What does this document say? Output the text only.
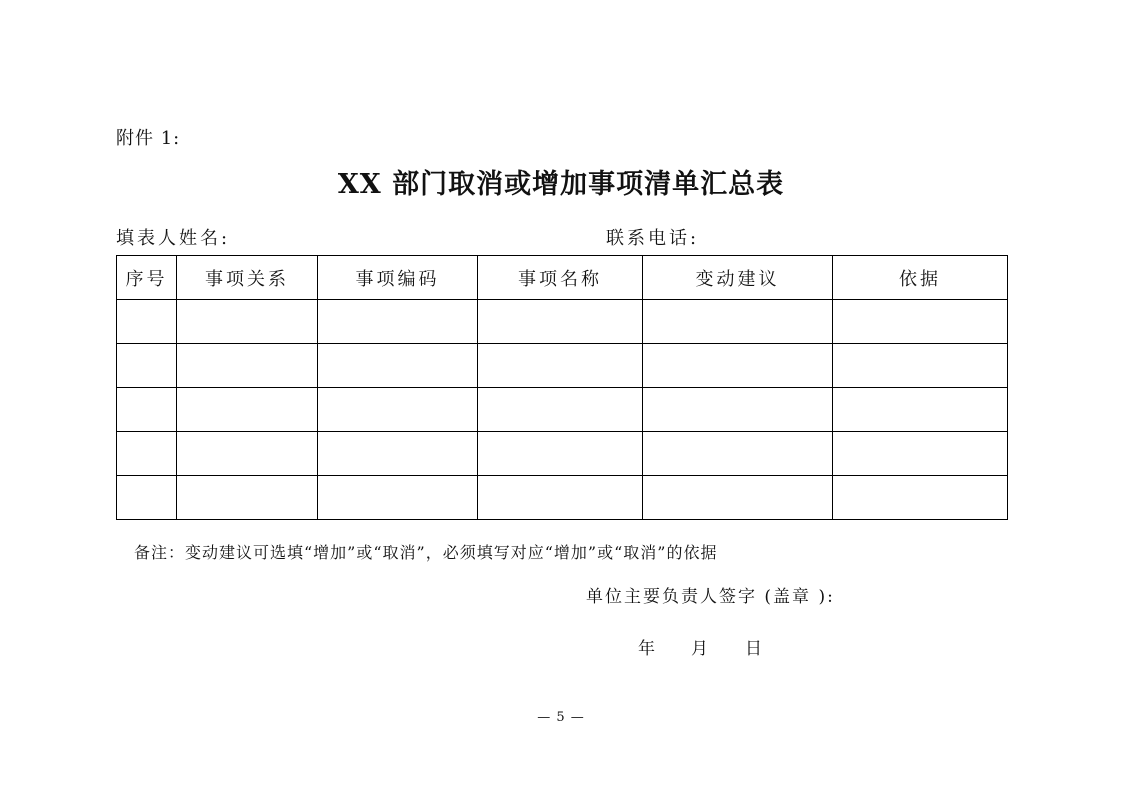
附件 1:
XX 部门取消或增加事项清单汇总表
填表人姓名:	联系电话:
序号	事项关系	事项编码	事项名称	变动建议	依据

备注：变动建议可选填“增加”或“取消”，必须填写对应“增加”或“取消”的依据
单位主要负责人签字 (盖章 ):
年 月 日
— 5 —
